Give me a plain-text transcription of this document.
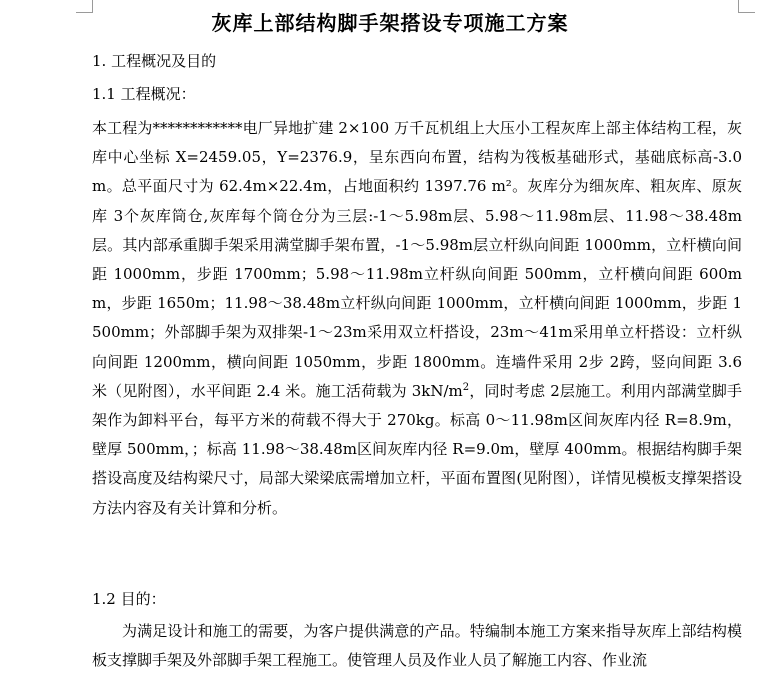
灰库上部结构脚手架搭设专项施工方案
1. 工程概况及目的
1.1 工程概况：
本工程为************电厂异地扩建 2×100 万千瓦机组上大压小工程灰库上部主体结构工程，灰库中心坐标 X=2459.05，Y=2376.9，呈东西向布置，结构为筏板基础形式，基础底标高-3.0m。总平面尺寸为 62.4m×22.4m，占地面积约 1397.76 m²。灰库分为细灰库、粗灰库、原灰库 3个灰库筒仓,灰库每个筒仓分为三层:-1～5.98m层、5.98～11.98m层、11.98～38.48m层。其内部承重脚手架采用满堂脚手架布置，-1～5.98m层立杆纵向间距 1000mm，立杆横向间距 1000mm，步距 1700mm；5.98～11.98m立杆纵向间距 500mm，立杆横向间距 600mm，步距 1650m；11.98～38.48m立杆纵向间距 1000mm，立杆横向间距 1000mm，步距 1500mm；外部脚手架为双排架-1～23m采用双立杆搭设，23m～41m采用单立杆搭设：立杆纵向间距 1200mm，横向间距 1050mm，步距 1800mm。连墙件采用 2步 2跨，竖向间距 3.6 米（见附图），水平间距 2.4 米。施工活荷载为 $3kN/m^2$，同时考虑 2层施工。利用内部满堂脚手架作为卸料平台，每平方米的荷载不得大于 270kg。标高 0～11.98m区间灰库内径 R=8.9m，壁厚 500mm，；标高 11.98～38.48m区间灰库内径 R=9.0m，壁厚 400mm。根据结构脚手架搭设高度及结构梁尺寸，局部大梁梁底需增加立杆，平面布置图(见附图），详情见模板支撑架搭设方法内容及有关计算和分析。
1.2 目的：
为满足设计和施工的需要，为客户提供满意的产品。特编制本施工方案来指导灰库上部结构模板支撑脚手架及外部脚手架工程施工。使管理人员及作业人员了解施工内容、作业流
